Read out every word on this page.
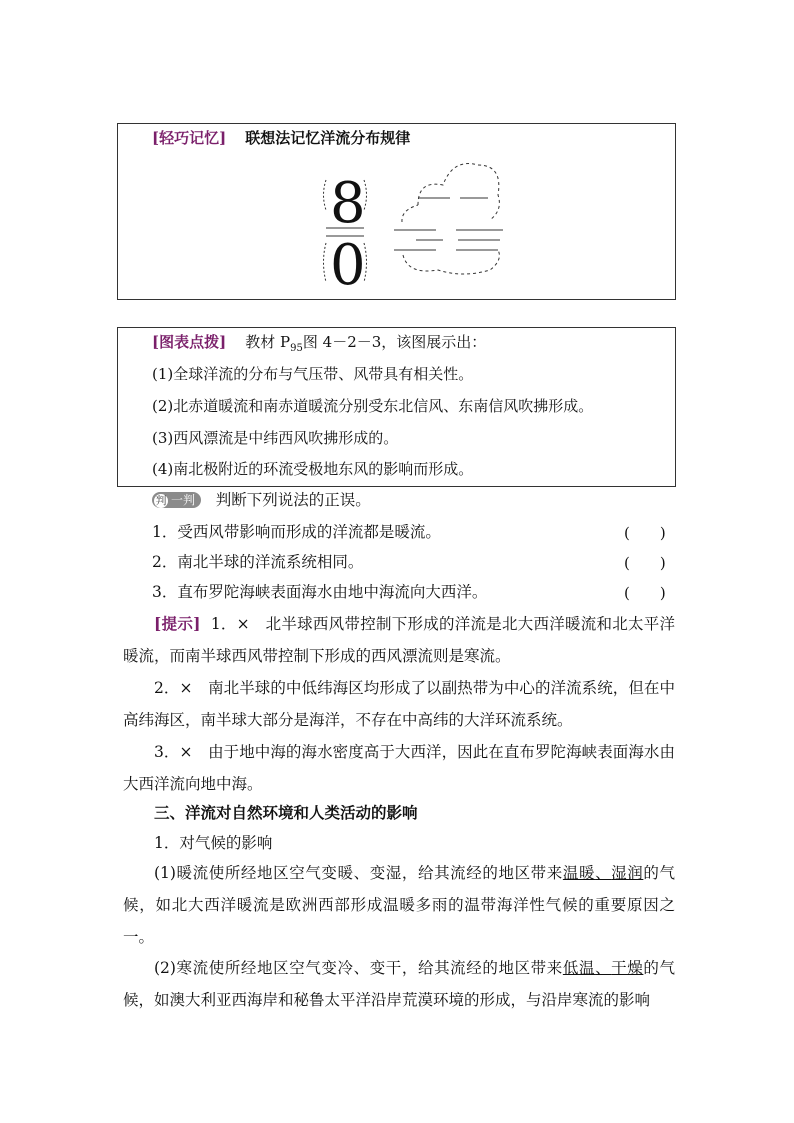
[轻巧记忆] 联想法记忆洋流分布规律
8
0
[图表点拨] 教材 $P_{95}$图 4－2－3，该图展示出：
(1)全球洋流的分布与气压带、风带具有相关性。
(2)北赤道暖流和南赤道暖流分别受东北信风、东南信风吹拂形成。
(3)西风漂流是中纬西风吹拂形成的。
(4)南北极附近的环流受极地东风的影响而形成。
判 一判 判断下列说法的正误。
1．受西风带影响而形成的洋流都是暖流。	(　　)
2．南北半球的洋流系统相同。	(　　)
3．直布罗陀海峡表面海水由地中海流向大西洋。	(　　)
[提示] 1．×　北半球西风带控制下形成的洋流是北大西洋暖流和北太平洋暖流，而南半球西风带控制下形成的西风漂流则是寒流。
2．×　南北半球的中低纬海区均形成了以副热带为中心的洋流系统，但在中高纬海区，南半球大部分是海洋，不存在中高纬的大洋环流系统。
3．×　由于地中海的海水密度高于大西洋，因此在直布罗陀海峡表面海水由大西洋流向地中海。
三、洋流对自然环境和人类活动的影响
1．对气候的影响
(1)暖流使所经地区空气变暖、变湿，给其流经的地区带来温暖、湿润的气候，如北大西洋暖流是欧洲西部形成温暖多雨的温带海洋性气候的重要原因之一。
(2)寒流使所经地区空气变冷、变干，给其流经的地区带来低温、干燥的气候，如澳大利亚西海岸和秘鲁太平洋沿岸荒漠环境的形成，与沿岸寒流的影响
